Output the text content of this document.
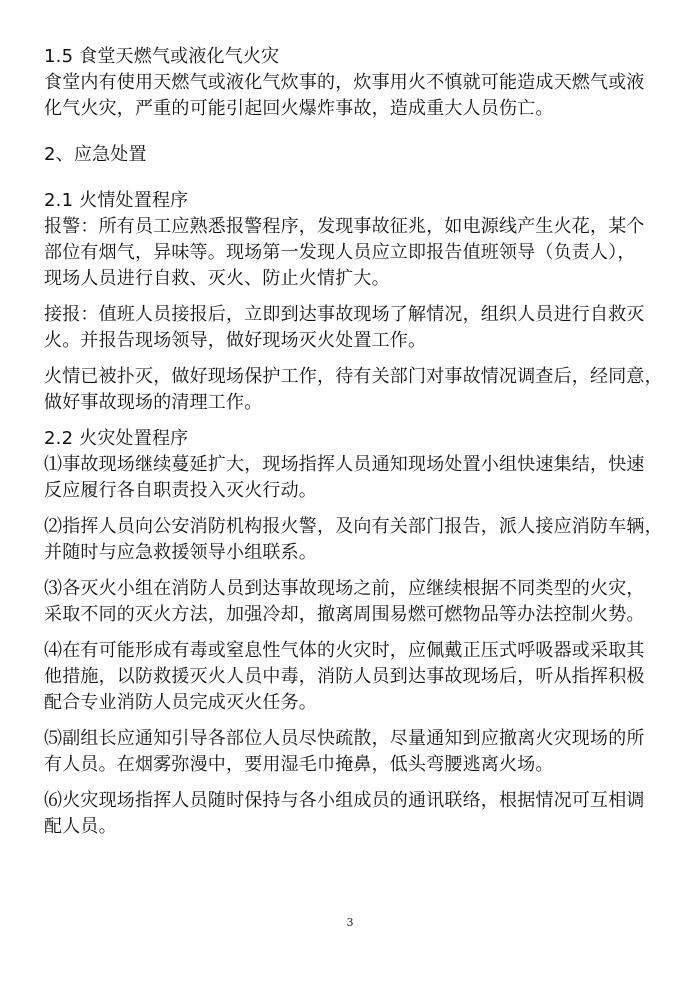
1.5 食堂天燃气或液化气火灾
食堂内有使用天燃气或液化气炊事的，炊事用火不慎就可能造成天燃气或液
化气火灾，严重的可能引起回火爆炸事故，造成重大人员伤亡。
2、应急处置
2.1 火情处置程序
报警：所有员工应熟悉报警程序，发现事故征兆，如电源线产生火花，某个
部位有烟气，异味等。现场第一发现人员应立即报告值班领导（负责人），
现场人员进行自救、灭火、防止火情扩大。
接报：值班人员接报后，立即到达事故现场了解情况，组织人员进行自救灭
火。并报告现场领导，做好现场灭火处置工作。
火情已被扑灭，做好现场保护工作，待有关部门对事故情况调查后，经同意，
做好事故现场的清理工作。
2.2 火灾处置程序
⑴事故现场继续蔓延扩大，现场指挥人员通知现场处置小组快速集结，快速
反应履行各自职责投入灭火行动。
⑵指挥人员向公安消防机构报火警，及向有关部门报告，派人接应消防车辆，
并随时与应急救援领导小组联系。
⑶各灭火小组在消防人员到达事故现场之前，应继续根据不同类型的火灾，
采取不同的灭火方法，加强冷却，撤离周围易燃可燃物品等办法控制火势。
⑷在有可能形成有毒或窒息性气体的火灾时，应佩戴正压式呼吸器或采取其
他措施，以防救援灭火人员中毒，消防人员到达事故现场后，听从指挥积极
配合专业消防人员完成灭火任务。
⑸副组长应通知引导各部位人员尽快疏散，尽量通知到应撤离火灾现场的所
有人员。在烟雾弥漫中，要用湿毛巾掩鼻，低头弯腰逃离火场。
⑹火灾现场指挥人员随时保持与各小组成员的通讯联络，根据情况可互相调
配人员。
3
